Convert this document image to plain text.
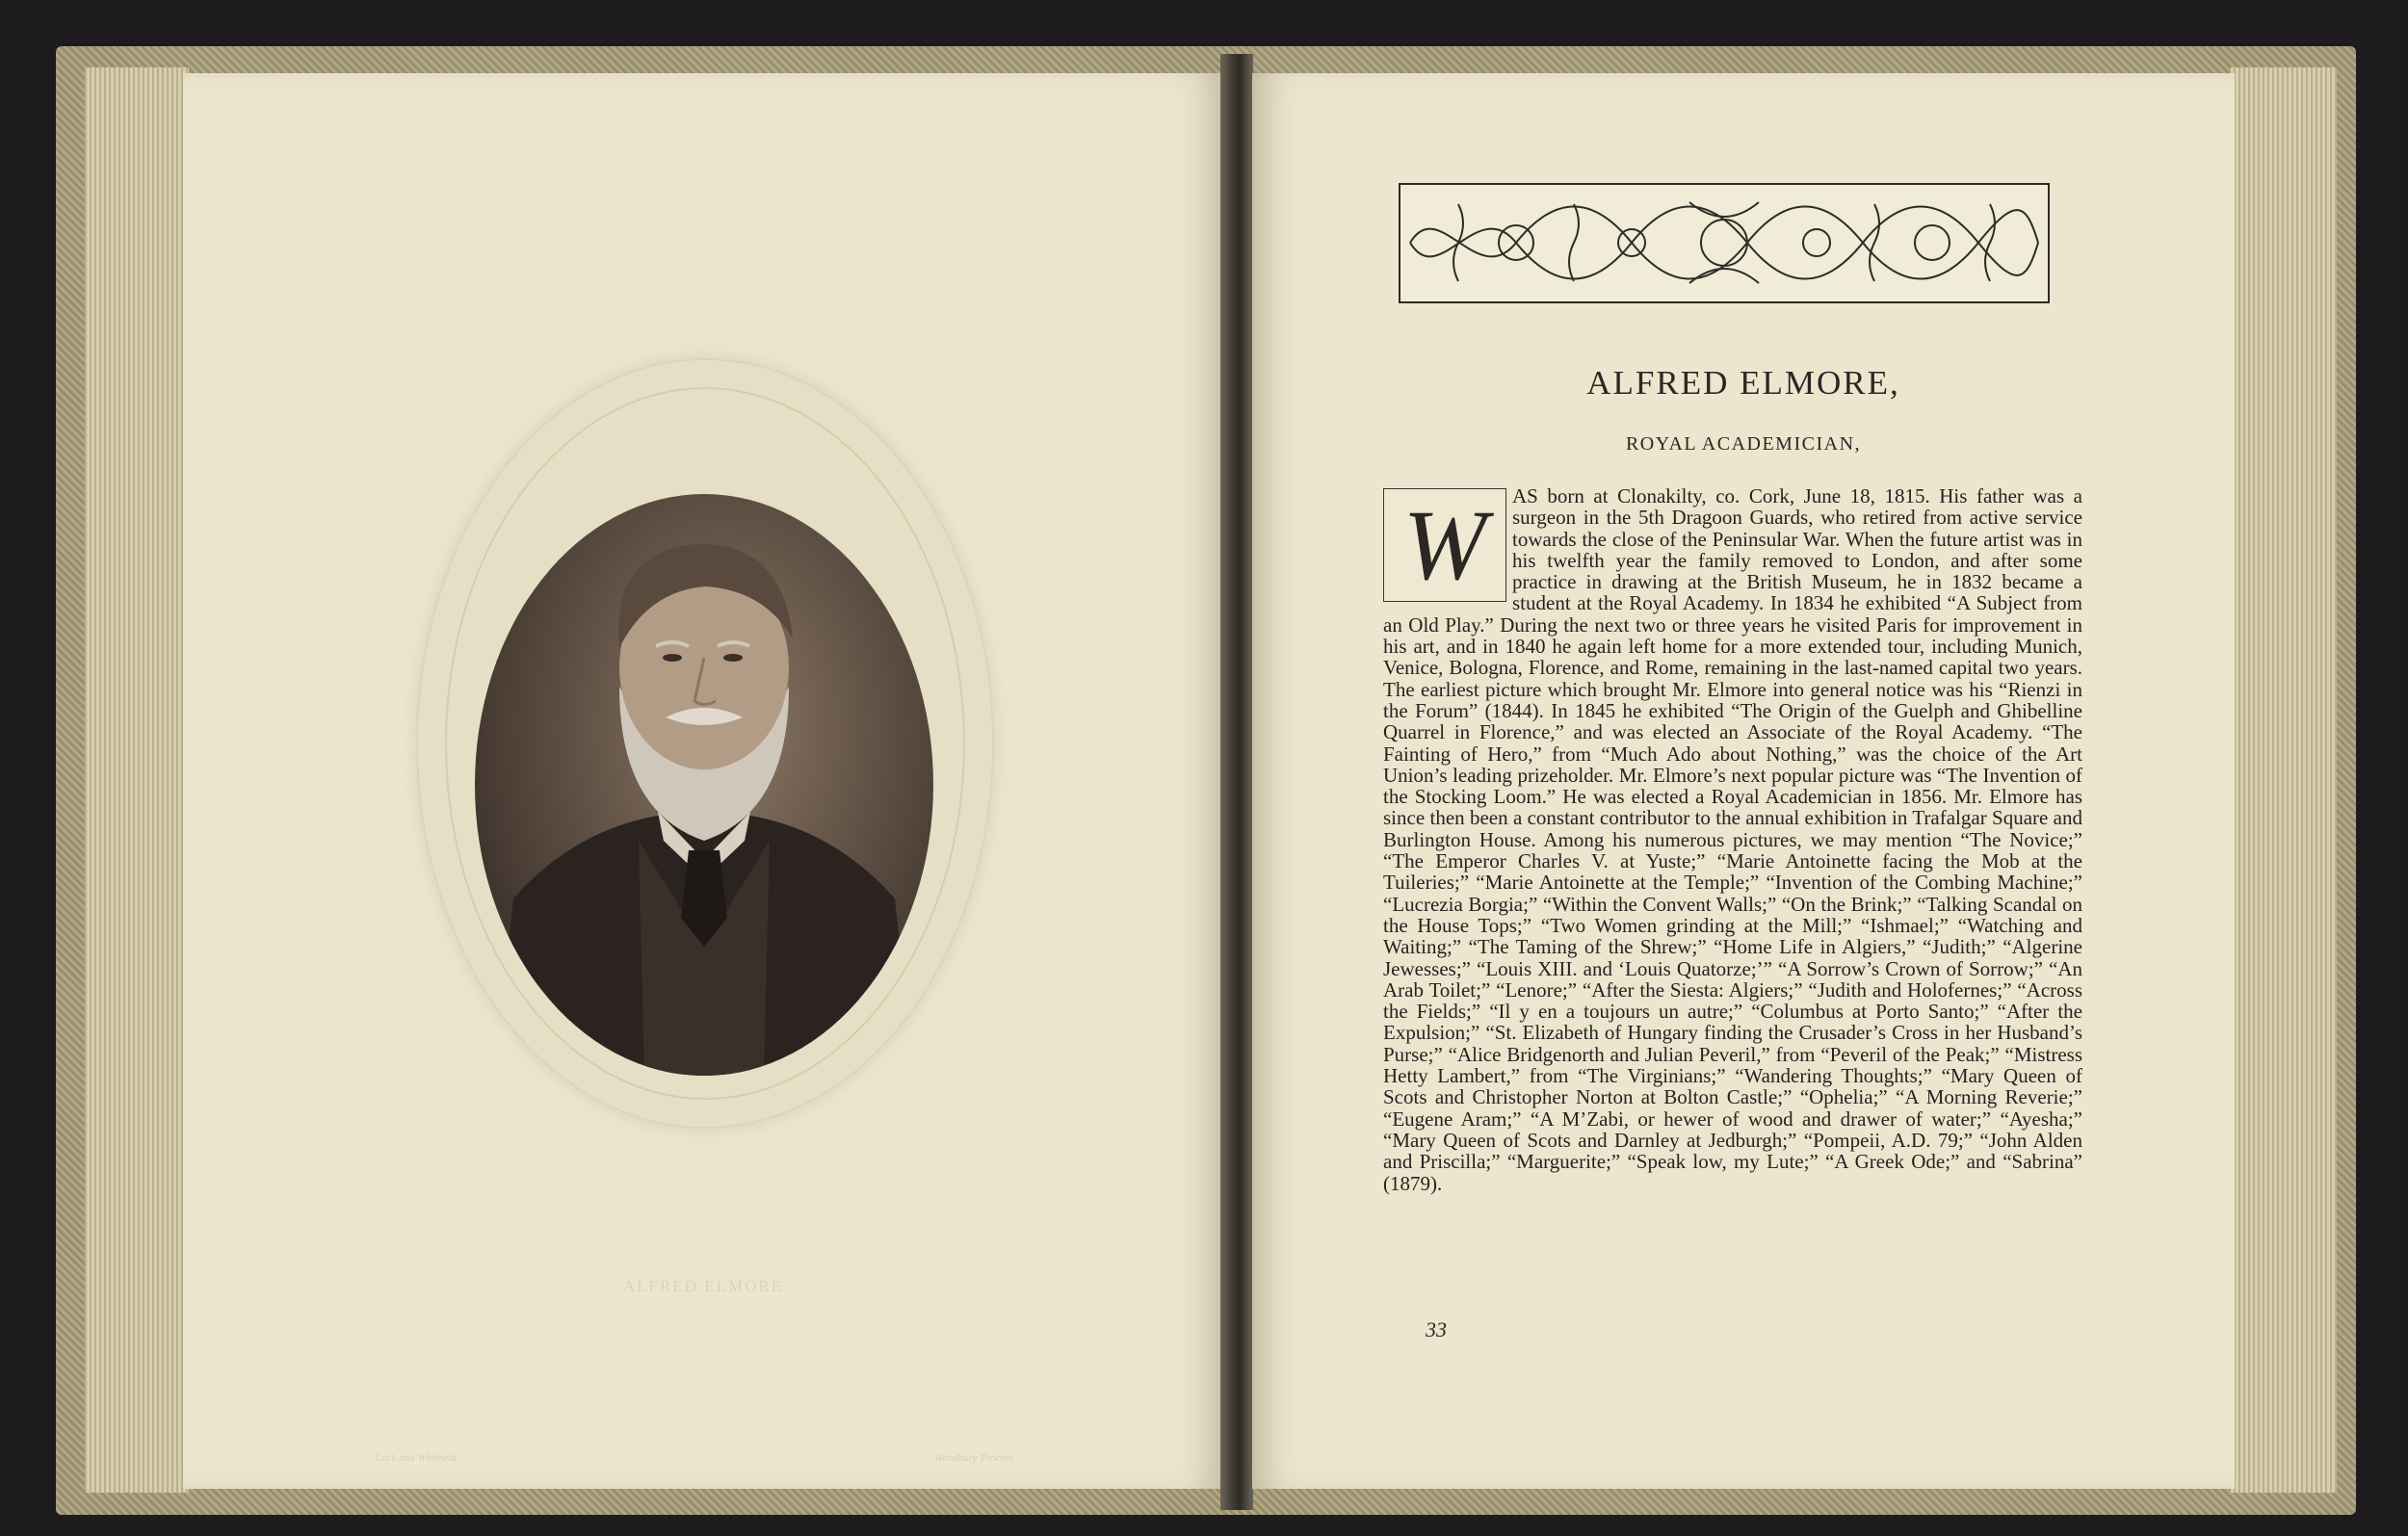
ALFRED ELMORE
Lock and Whitfield	Woodbury Process
ALFRED ELMORE,
ROYAL ACADEMICIAN,

W	AS born at Clonakilty, co. Cork, June 18, 1815. His father was a surgeon in the 5th Dragoon Guards, who retired from active service towards the close of the Peninsular War. When the future artist was in his twelfth year the family removed to London, and after some practice in drawing at the British Museum, he in 1832 became a student at the Royal Academy. In 1834 he exhibited “A Subject from an Old Play.” During the next two or three years he visited Paris for improvement in his art, and in 1840 he again left home for a more extended tour, including Munich, Venice, Bologna, Florence, and Rome, remaining in the last-named capital two years. The earliest picture which brought Mr. Elmore into general notice was his “Rienzi in the Forum” (1844). In 1845 he exhibited “The Origin of the Guelph and Ghibelline Quarrel in Florence,” and was elected an Associate of the Royal Academy. “The Fainting of Hero,” from “Much Ado about Nothing,” was the choice of the Art Union’s leading prizeholder. Mr. Elmore’s next popular picture was “The Invention of the Stocking Loom.” He was elected a Royal Academician in 1856. Mr. Elmore has since then been a constant contributor to the annual exhibition in Trafalgar Square and Burlington House. Among his numerous pictures, we may mention “The Novice;” “The Emperor Charles V. at Yuste;” “Marie Antoinette facing the Mob at the Tuileries;” “Marie Antoinette at the Temple;” “Invention of the Combing Machine;” “Lucrezia Borgia;” “Within the Convent Walls;” “On the Brink;” “Talking Scandal on the House Tops;” “Two Women grinding at the Mill;” “Ishmael;” “Watching and Waiting;” “The Taming of the Shrew;” “Home Life in Algiers,” “Judith;” “Algerine Jewesses;” “Louis XIII. and ‘Louis Quatorze;’” “A Sorrow’s Crown of Sorrow;” “An Arab Toilet;” “Lenore;” “After the Siesta: Algiers;” “Judith and Holofernes;” “Across the Fields;” “Il y en a toujours un autre;” “Columbus at Porto Santo;” “After the Expulsion;” “St. Elizabeth of Hungary finding the Crusader’s Cross in her Husband’s Purse;” “Alice Bridgenorth and Julian Peveril,” from “Peveril of the Peak;” “Mistress Hetty Lambert,” from “The Virginians;” “Wandering Thoughts;” “Mary Queen of Scots and Christopher Norton at Bolton Castle;” “Ophelia;” “A Morning Reverie;” “Eugene Aram;” “A M’Zabi, or hewer of wood and drawer of water;” “Ayesha;” “Mary Queen of Scots and Darnley at Jedburgh;” “Pompeii, A.D. 79;” “John Alden and Priscilla;” “Marguerite;” “Speak low, my Lute;” “A Greek Ode;” and “Sabrina” (1879).

33
